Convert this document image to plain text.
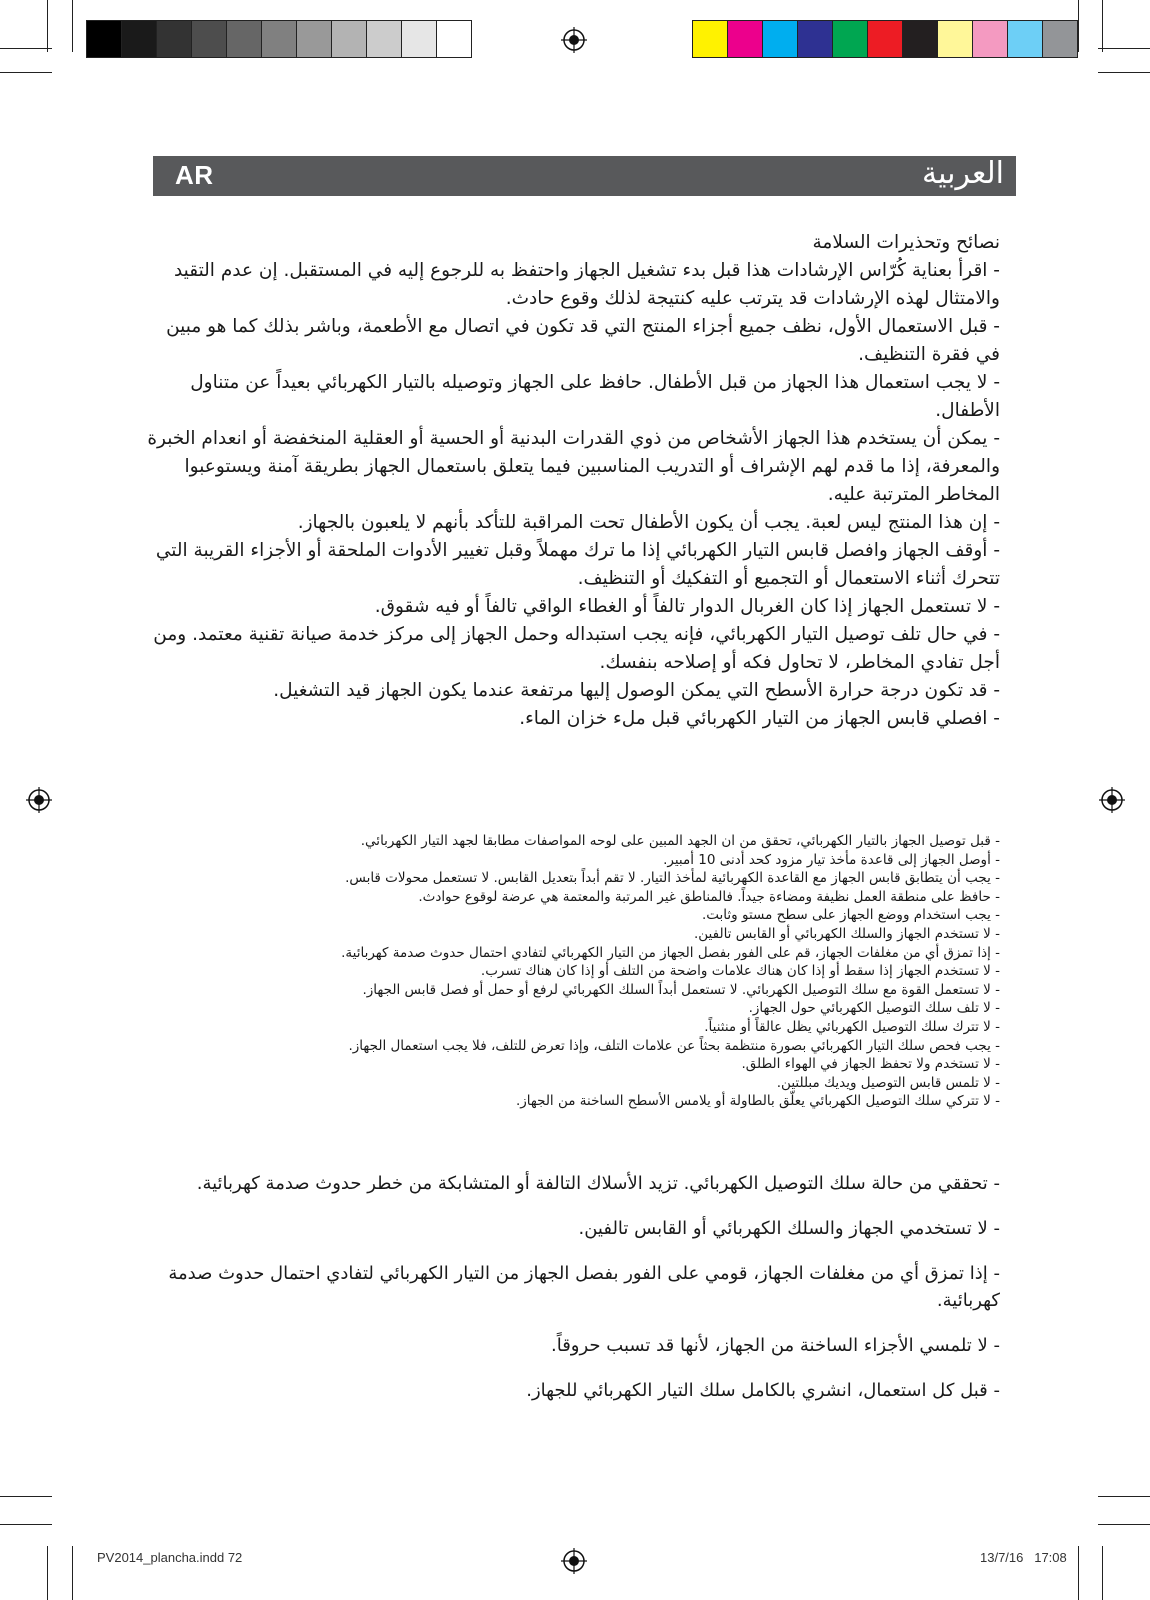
AR	العربية

نصائح وتحذيرات السلامة

- اقرأ بعناية كُرّاس الإرشادات هذا قبل بدء تشغيل الجهاز واحتفظ به للرجوع إليه في المستقبل. إن عدم التقيد والامتثال لهذه الإرشادات قد يترتب عليه كنتيجة لذلك وقوع حادث.

- قبل الاستعمال الأول، نظف جميع أجزاء المنتج التي قد تكون في اتصال مع الأطعمة، وباشر بذلك كما هو مبين في فقرة التنظيف.

- لا يجب استعمال هذا الجهاز من قبل الأطفال. حافظ على الجهاز وتوصيله بالتيار الكهربائي بعيداً عن متناول الأطفال.

- يمكن أن يستخدم هذا الجهاز الأشخاص من ذوي القدرات البدنية أو الحسية أو العقلية المنخفضة أو انعدام الخبرة والمعرفة، إذا ما قدم لهم الإشراف أو التدريب المناسبين فيما يتعلق باستعمال الجهاز بطريقة آمنة ويستوعبوا المخاطر المترتبة عليه.

- إن هذا المنتج ليس لعبة. يجب أن يكون الأطفال تحت المراقبة للتأكد بأنهم لا يلعبون بالجهاز.

- أوقف الجهاز وافصل قابس التيار الكهربائي إذا ما ترك مهملاً وقبل تغيير الأدوات الملحقة أو الأجزاء القريبة التي تتحرك أثناء الاستعمال أو التجميع أو التفكيك أو التنظيف.

- لا تستعمل الجهاز إذا كان الغربال الدوار تالفاً أو الغطاء الواقي تالفاً أو فيه شقوق.

- في حال تلف توصيل التيار الكهربائي، فإنه يجب استبداله وحمل الجهاز إلى مركز خدمة صيانة تقنية معتمد. ومن أجل تفادي المخاطر، لا تحاول فكه أو إصلاحه بنفسك.

- قد تكون درجة حرارة الأسطح التي يمكن الوصول إليها مرتفعة عندما يكون الجهاز قيد التشغيل.

- افصلي قابس الجهاز من التيار الكهربائي قبل ملء خزان الماء.

- قبل توصيل الجهاز بالتيار الكهربائي، تحقق من ان الجهد المبين على لوحه المواصفات مطابقا لجهد التيار الكهربائي.

- أوصل الجهاز إلى قاعدة مأخذ تيار مزود كحد أدنى 10 أمبير.

- يجب أن يتطابق قابس الجهاز مع القاعدة الكهربائية لمأخذ التيار. لا تقم أبداً بتعديل القابس. لا تستعمل محولات قابس.

- حافظ على منطقة العمل نظيفة ومضاءة جيداً. فالمناطق غير المرتبة والمعتمة هي عرضة لوقوع حوادث.

- يجب استخدام ووضع الجهاز على سطح مستو وثابت.

- لا تستخدم الجهاز والسلك الكهربائي أو القابس تالفين.

- إذا تمزق أي من مغلفات الجهاز، قم على الفور بفصل الجهاز من التيار الكهربائي لتفادي احتمال حدوث صدمة كهربائية.

- لا تستخدم الجهاز إذا سقط أو إذا كان هناك علامات واضحة من التلف أو إذا كان هناك تسرب.

- لا تستعمل القوة مع سلك التوصيل الكهربائي. لا تستعمل أبداً السلك الكهربائي لرفع أو حمل أو فصل قابس الجهاز.

- لا تلف سلك التوصيل الكهربائي حول الجهاز.

- لا تترك سلك التوصيل الكهربائي يظل عالقاً أو منثنياً.

- يجب فحص سلك التيار الكهربائي بصورة منتظمة بحثاً عن علامات التلف، وإذا تعرض للتلف، فلا يجب استعمال الجهاز.

- لا تستخدم ولا تحفظ الجهاز في الهواء الطلق.

- لا تلمس قابس التوصيل ويديك مبللتين.

- لا تتركي سلك التوصيل الكهربائي يعلّق بالطاولة أو يلامس الأسطح الساخنة من الجهاز.

- تحققي من حالة سلك التوصيل الكهربائي. تزيد الأسلاك التالفة أو المتشابكة من خطر حدوث صدمة كهربائية.

- لا تستخدمي الجهاز والسلك الكهربائي أو القابس تالفين.

- إذا تمزق أي من مغلفات الجهاز، قومي على الفور بفصل الجهاز من التيار الكهربائي لتفادي احتمال حدوث صدمة كهربائية.

- لا تلمسي الأجزاء الساخنة من الجهاز، لأنها قد تسبب حروقاً.

- قبل كل استعمال، انشري بالكامل سلك التيار الكهربائي للجهاز.

PV2014_plancha.indd 72	13/7/16   17:08
